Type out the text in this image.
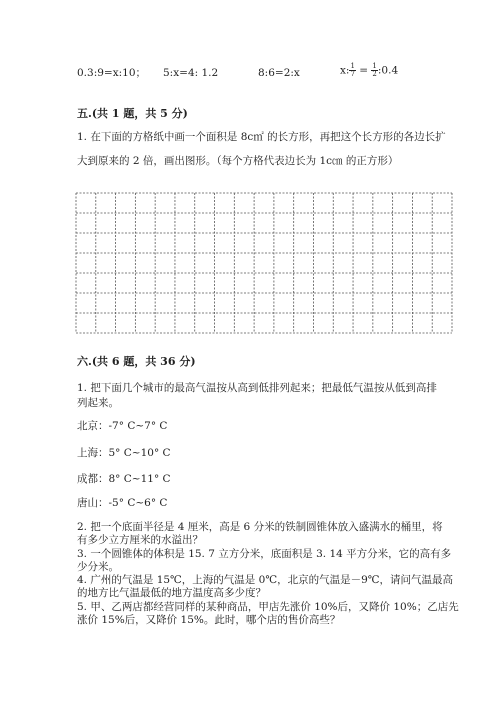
0.3:9=x:10； 5:x=4: 1.2	8:6=2:x	x: $\frac{1}{7} = \frac{1}{2}$ :0.4
五.(共 1 题，共 5 分)
1. 在下面的方格纸中画一个面积是 8c㎡ 的长方形，再把这个长方形的各边长扩
大到原来的 2 倍，画出图形。（每个方格代表边长为 1c㎝ 的正方形）
六.(共 6 题，共 36 分)
1. 把下面几个城市的最高气温按从高到低排列起来；把最低气温按从低到高排
列起来。
北京：-7° C~7° C
上海：5° C~10° C
成都：8° C~11° C
唐山：-5° C~6° C
2. 把一个底面半径是 4 厘米，高是 6 分米的铁制圆锥体放入盛满水的桶里，将
有多少立方厘米的水溢出？
3. 一个圆锥体的体积是 15. 7 立方分米，底面积是 3. 14 平方分米，它的高有多
少分米。
4. 广州的气温是 15℃，上海的气温是 0℃，北京的气温是－9℃，请问气温最高
的地方比气温最低的地方温度高多少度？
5. 甲、乙两店都经营同样的某种商品，甲店先涨价 10%后，又降价 10%；乙店先
涨价 15%后，又降价 15%。此时，哪个店的售价高些？
